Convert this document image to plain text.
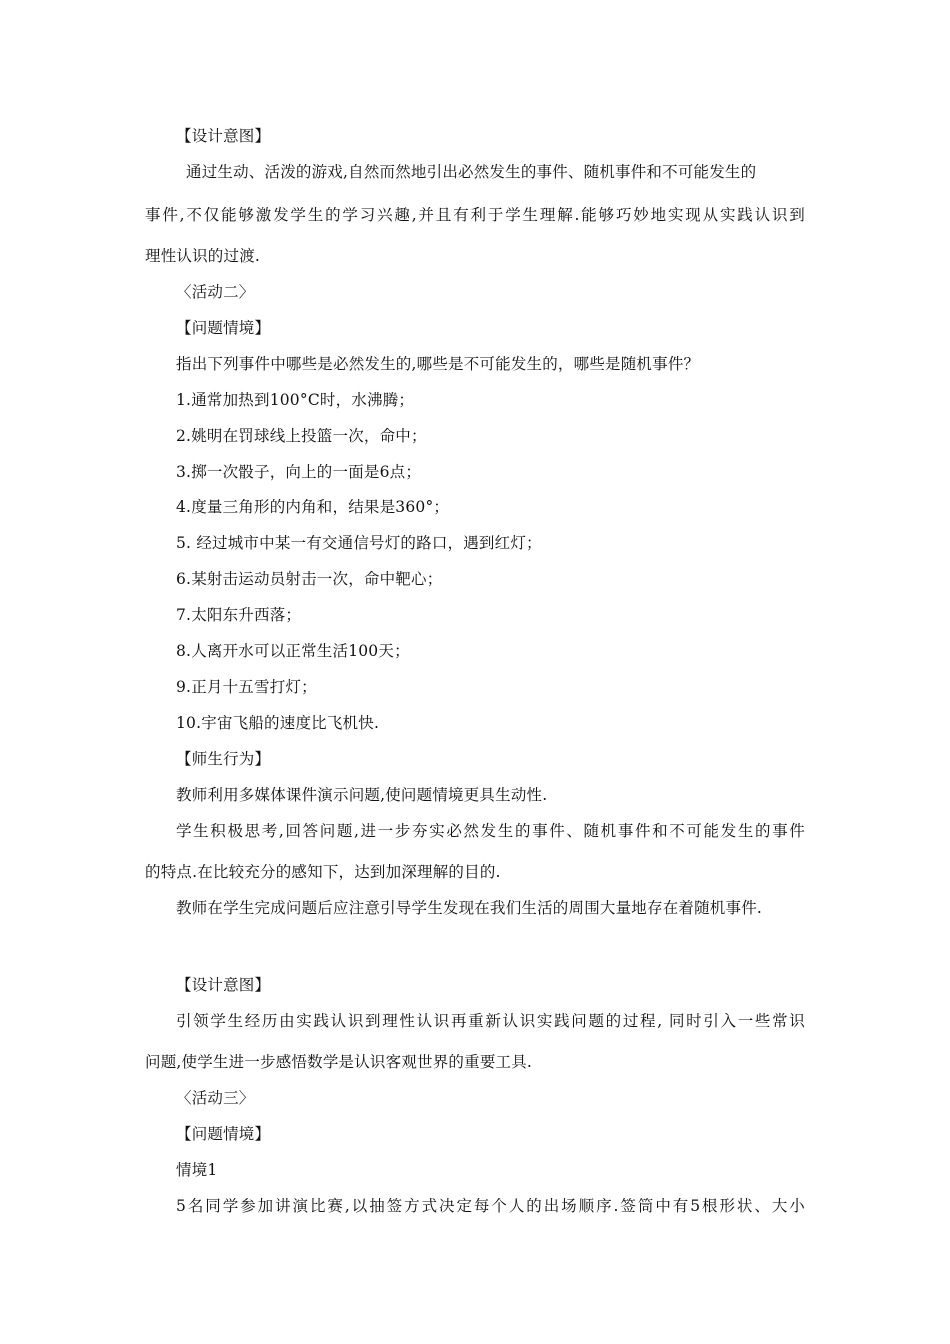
【设计意图】
通过生动、活泼的游戏,自然而然地引出必然发生的事件、随机事件和不可能发生的
事件,不仅能够激发学生的学习兴趣,并且有利于学生理解.能够巧妙地实现从实践认识到
理性认识的过渡.
〈活动二〉
【问题情境】
指出下列事件中哪些是必然发生的,哪些是不可能发生的，哪些是随机事件？
1.通常加热到100°C时，水沸腾；
2.姚明在罚球线上投篮一次，命中；
3.掷一次骰子，向上的一面是6点；
4.度量三角形的内角和，结果是360°；
5. 经过城市中某一有交通信号灯的路口，遇到红灯；
6.某射击运动员射击一次，命中靶心；
7.太阳东升西落；
8.人离开水可以正常生活100天；
9.正月十五雪打灯；
10.宇宙飞船的速度比飞机快.
【师生行为】
教师利用多媒体课件演示问题,使问题情境更具生动性.
学生积极思考,回答问题,进一步夯实必然发生的事件、随机事件和不可能发生的事件
的特点.在比较充分的感知下，达到加深理解的目的.
教师在学生完成问题后应注意引导学生发现在我们生活的周围大量地存在着随机事件.
【设计意图】
引领学生经历由实践认识到理性认识再重新认识实践问题的过程, 同时引入一些常识
问题,使学生进一步感悟数学是认识客观世界的重要工具.
〈活动三〉
【问题情境】
情境1
5名同学参加讲演比赛,以抽签方式决定每个人的出场顺序.签筒中有5根形状、大小
